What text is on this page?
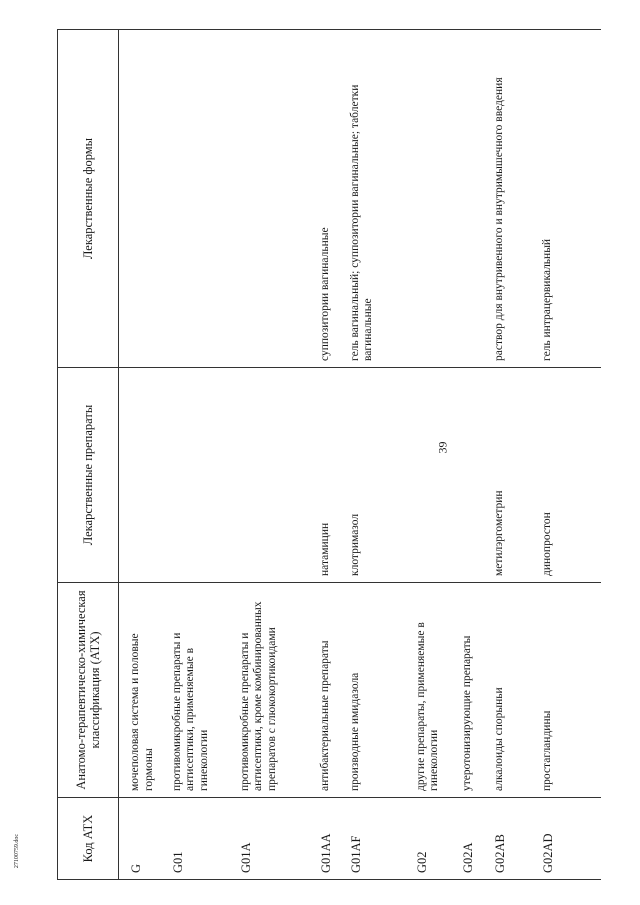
39
27100759.doc	Код АТХ	Анатомо-терапевтическо-химическая классификация (АТХ)	Лекарственные препараты	Лекарственные формы
G	мочеполовая система и половые гормоны		
G01	противомикробные препараты и антисептики, применяемые в гинекологии		
G01A	противомикробные препараты и антисептики, кроме комбинированных препаратов с глюкокортикоидами		
G01AA	антибактериальные препараты	натамицин	суппозитории вагинальные
G01AF	производные имидазола	клотримазол	гель вагинальный; суппозитории вагинальные; таблетки вагинальные
G02	другие препараты, применяемые в гинекологии		
G02A	утеротонизирующие препараты		
G02AB	алкалоиды спорыньи	метилэргометрин	раствор для внутривенного и внутримышечного введения
G02AD	простагландины	динопростон	гель интрацервикальный
